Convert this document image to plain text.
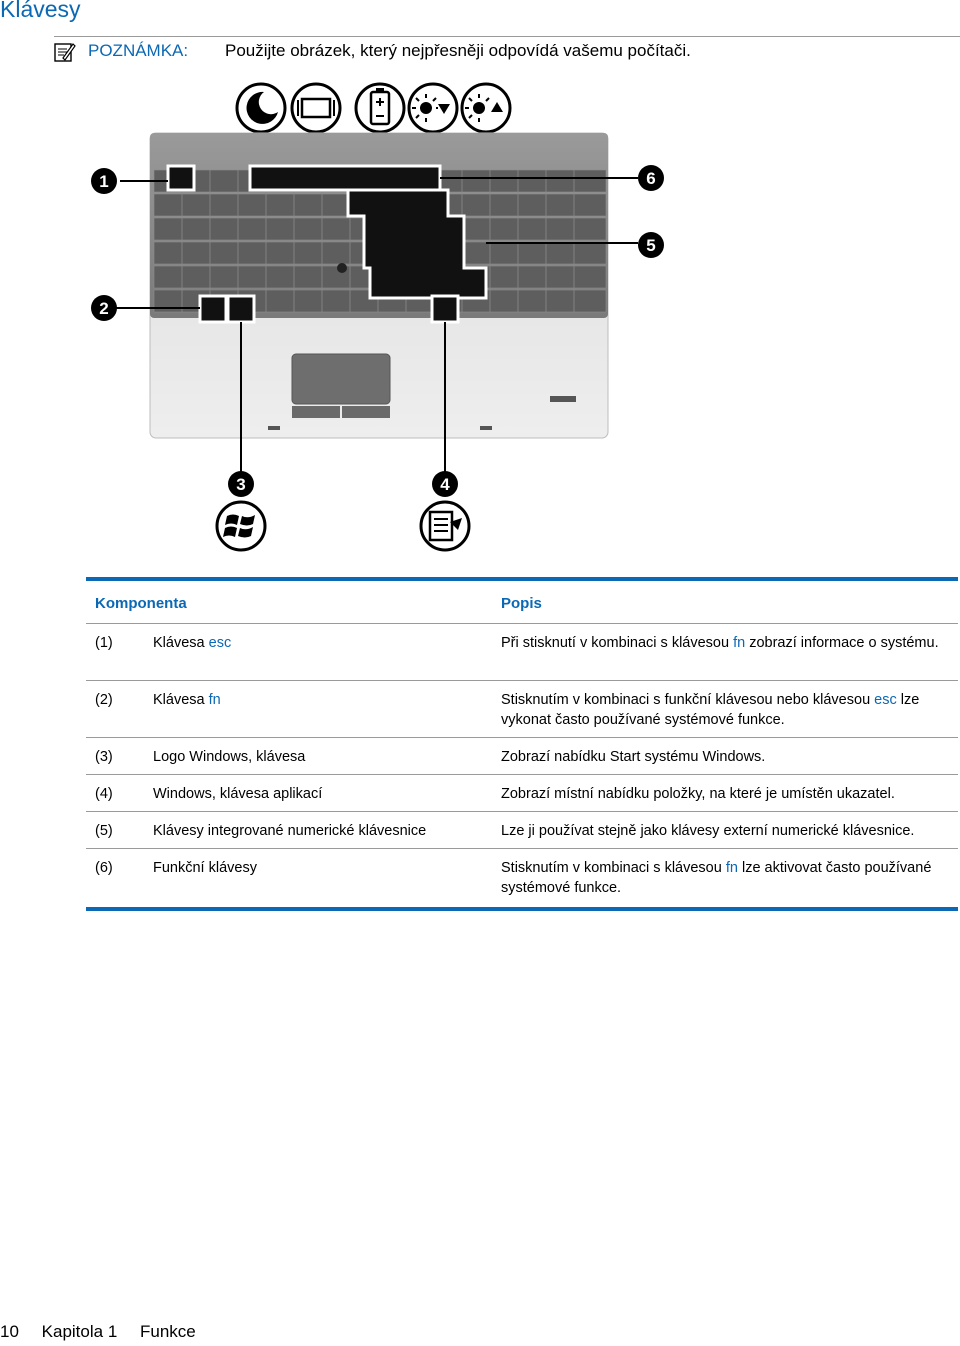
Klávesy
POZNÁMKA: Použijte obrázek, který nejpřesněji odpovídá vašemu počítači.
1
2
3	4
5
6
Komponenta	Popis
(1)	Klávesa esc	Při stisknutí v kombinaci s klávesou fn zobrazí informace o systému.
(2)	Klávesa fn	Stisknutím v kombinaci s funkční klávesou nebo klávesou esc lze vykonat často používané systémové funkce.
(3)	Logo Windows, klávesa	Zobrazí nabídku Start systému Windows.
(4)	Windows, klávesa aplikací	Zobrazí místní nabídku položky, na které je umístěn ukazatel.
(5)	Klávesy integrované numerické klávesnice	Lze ji používat stejně jako klávesy externí numerické klávesnice.
(6)	Funkční klávesy	Stisknutím v kombinaci s klávesou fn lze aktivovat často používané systémové funkce.
10 Kapitola 1 Funkce
